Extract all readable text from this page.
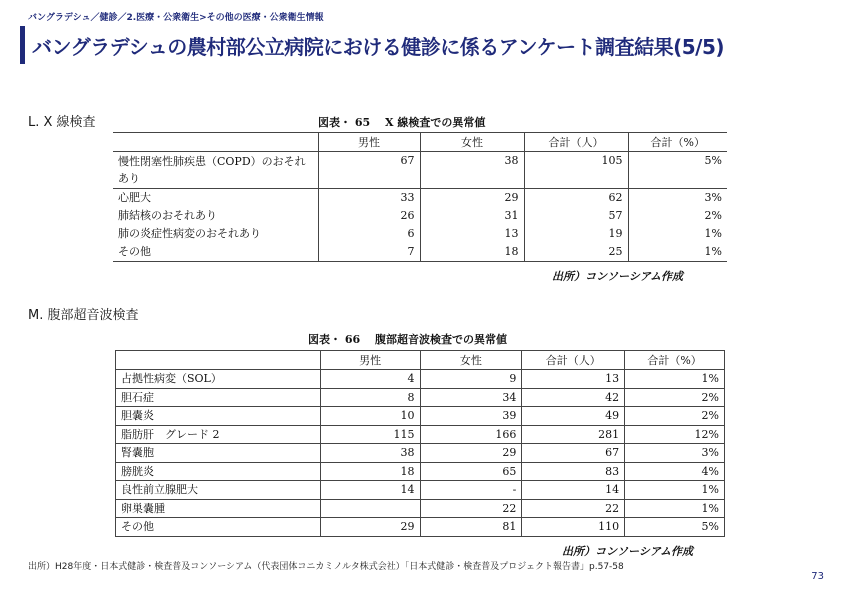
バングラデシュ／健診／2.医療・公衆衛生>その他の医療・公衆衛生情報
バングラデシュの農村部公立病院における健診に係るアンケート調査結果(5/5)
L. X 線検査	図表・ 65　 X 線検査での異常値
	男性	女性	合計（人）	合計（%）
慢性閉塞性肺疾患（COPD）のおそれあり	67	38	105	5%
心肥大	33	29	62	3%
肺結核のおそれあり	26	31	57	2%
肺の炎症性病変のおそれあり	6	13	19	1%
その他	7	18	25	1%
出所）コンソーシアム作成
M. 腹部超音波検査
図表・ 66　 腹部超音波検査での異常値
	男性	女性	合計（人）	合計（%）
占拠性病変（SOL）	4	9	13	1%
胆石症	8	34	42	2%
胆嚢炎	10	39	49	2%
脂肪肝　グレード 2	115	166	281	12%
腎嚢胞	38	29	67	3%
膀胱炎	18	65	83	4%
良性前立腺肥大	14	-	14	1%
卵巣嚢腫		22	22	1%
その他	29	81	110	5%
出所）コンソーシアム作成
出所）H28年度・日本式健診・検査普及コンソーシアム（代表団体コニカミノルタ株式会社）「日本式健診・検査普及プロジェクト報告書」p.57-58
73
